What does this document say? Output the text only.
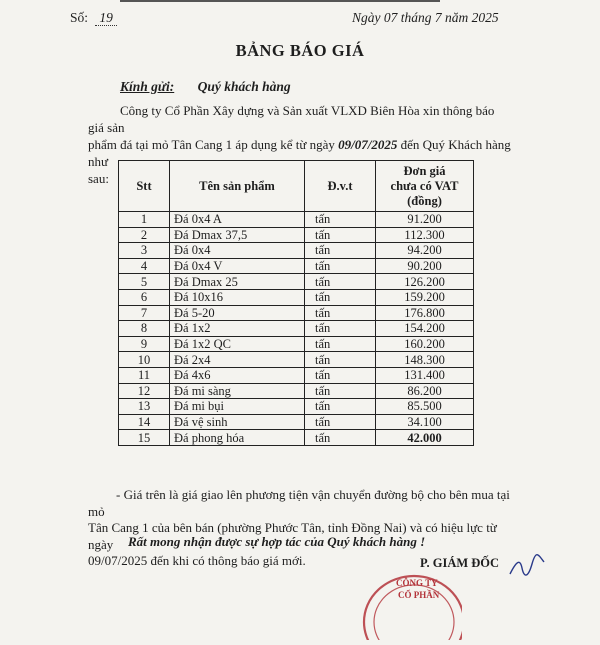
Số: 19	Ngày 07 tháng 7 năm 2025
BẢNG BÁO GIÁ
Kính gửi: Quý khách hàng
Công ty Cổ Phần Xây dựng và Sản xuất VLXD Biên Hòa xin thông báo giá sản
phẩm đá tại mỏ Tân Cang 1 áp dụng kể từ ngày 09/07/2025 đến Quý Khách hàng như
sau:	Stt	Tên sản phẩm	Đ.v.t	Đơn giá
chưa có VAT
(đồng)

1	Đá 0x4 A	tấn	91.200
2	Đá Dmax 37,5	tấn	112.300
3	Đá 0x4	tấn	94.200
4	Đá 0x4 V	tấn	90.200
5	Đá Dmax 25	tấn	126.200
6	Đá 10x16	tấn	159.200
7	Đá 5-20	tấn	176.800
8	Đá 1x2	tấn	154.200
9	Đá 1x2 QC	tấn	160.200
10	Đá 2x4	tấn	148.300
11	Đá 4x6	tấn	131.400
12	Đá mi sàng	tấn	86.200
13	Đá mi bụi	tấn	85.500
14	Đá vệ sinh	tấn	34.100
15	Đá phong hóa	tấn	42.000
- Giá trên là giá giao lên phương tiện vận chuyển đường bộ cho bên mua tại mỏ
Tân Cang 1 của bên bán (phường Phước Tân, tỉnh Đồng Nai) và có hiệu lực từ ngày
09/07/2025 đến khi có thông báo giá mới.
Rất mong nhận được sự hợp tác của Quý khách hàng !
CÔNG TY
CỔ PHẦN
P. GIÁM ĐỐC
